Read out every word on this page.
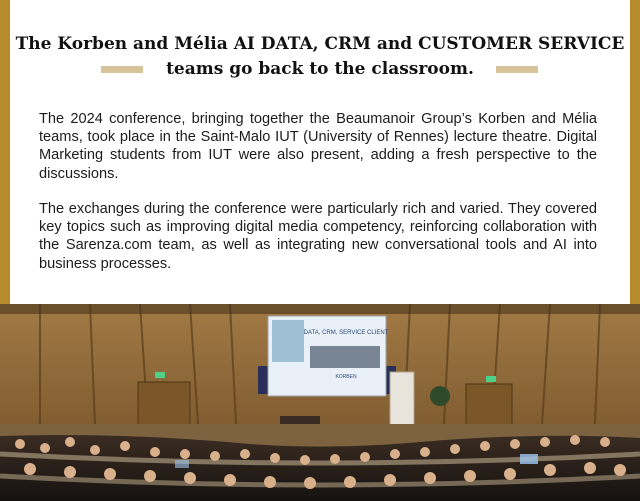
The Korben and Mélia AI DATA, CRM and CUSTOMER SERVICE
teams go back to the classroom.

The 2024 conference, bringing together the Beaumanoir Group’s Korben and Mélia teams, took place in the Saint-Malo IUT (University of Rennes) lecture theatre. Digital Marketing students from IUT were also present, adding a fresh perspective to the discussions.

The exchanges during the conference were particularly rich and varied. They covered key topics such as improving digital media competency, reinforcing collaboration with the Sarenza.com team, as well as integrating new conversational tools and AI into business processes.

DATA, CRM, SERVICE CLIENT
KORBEN
